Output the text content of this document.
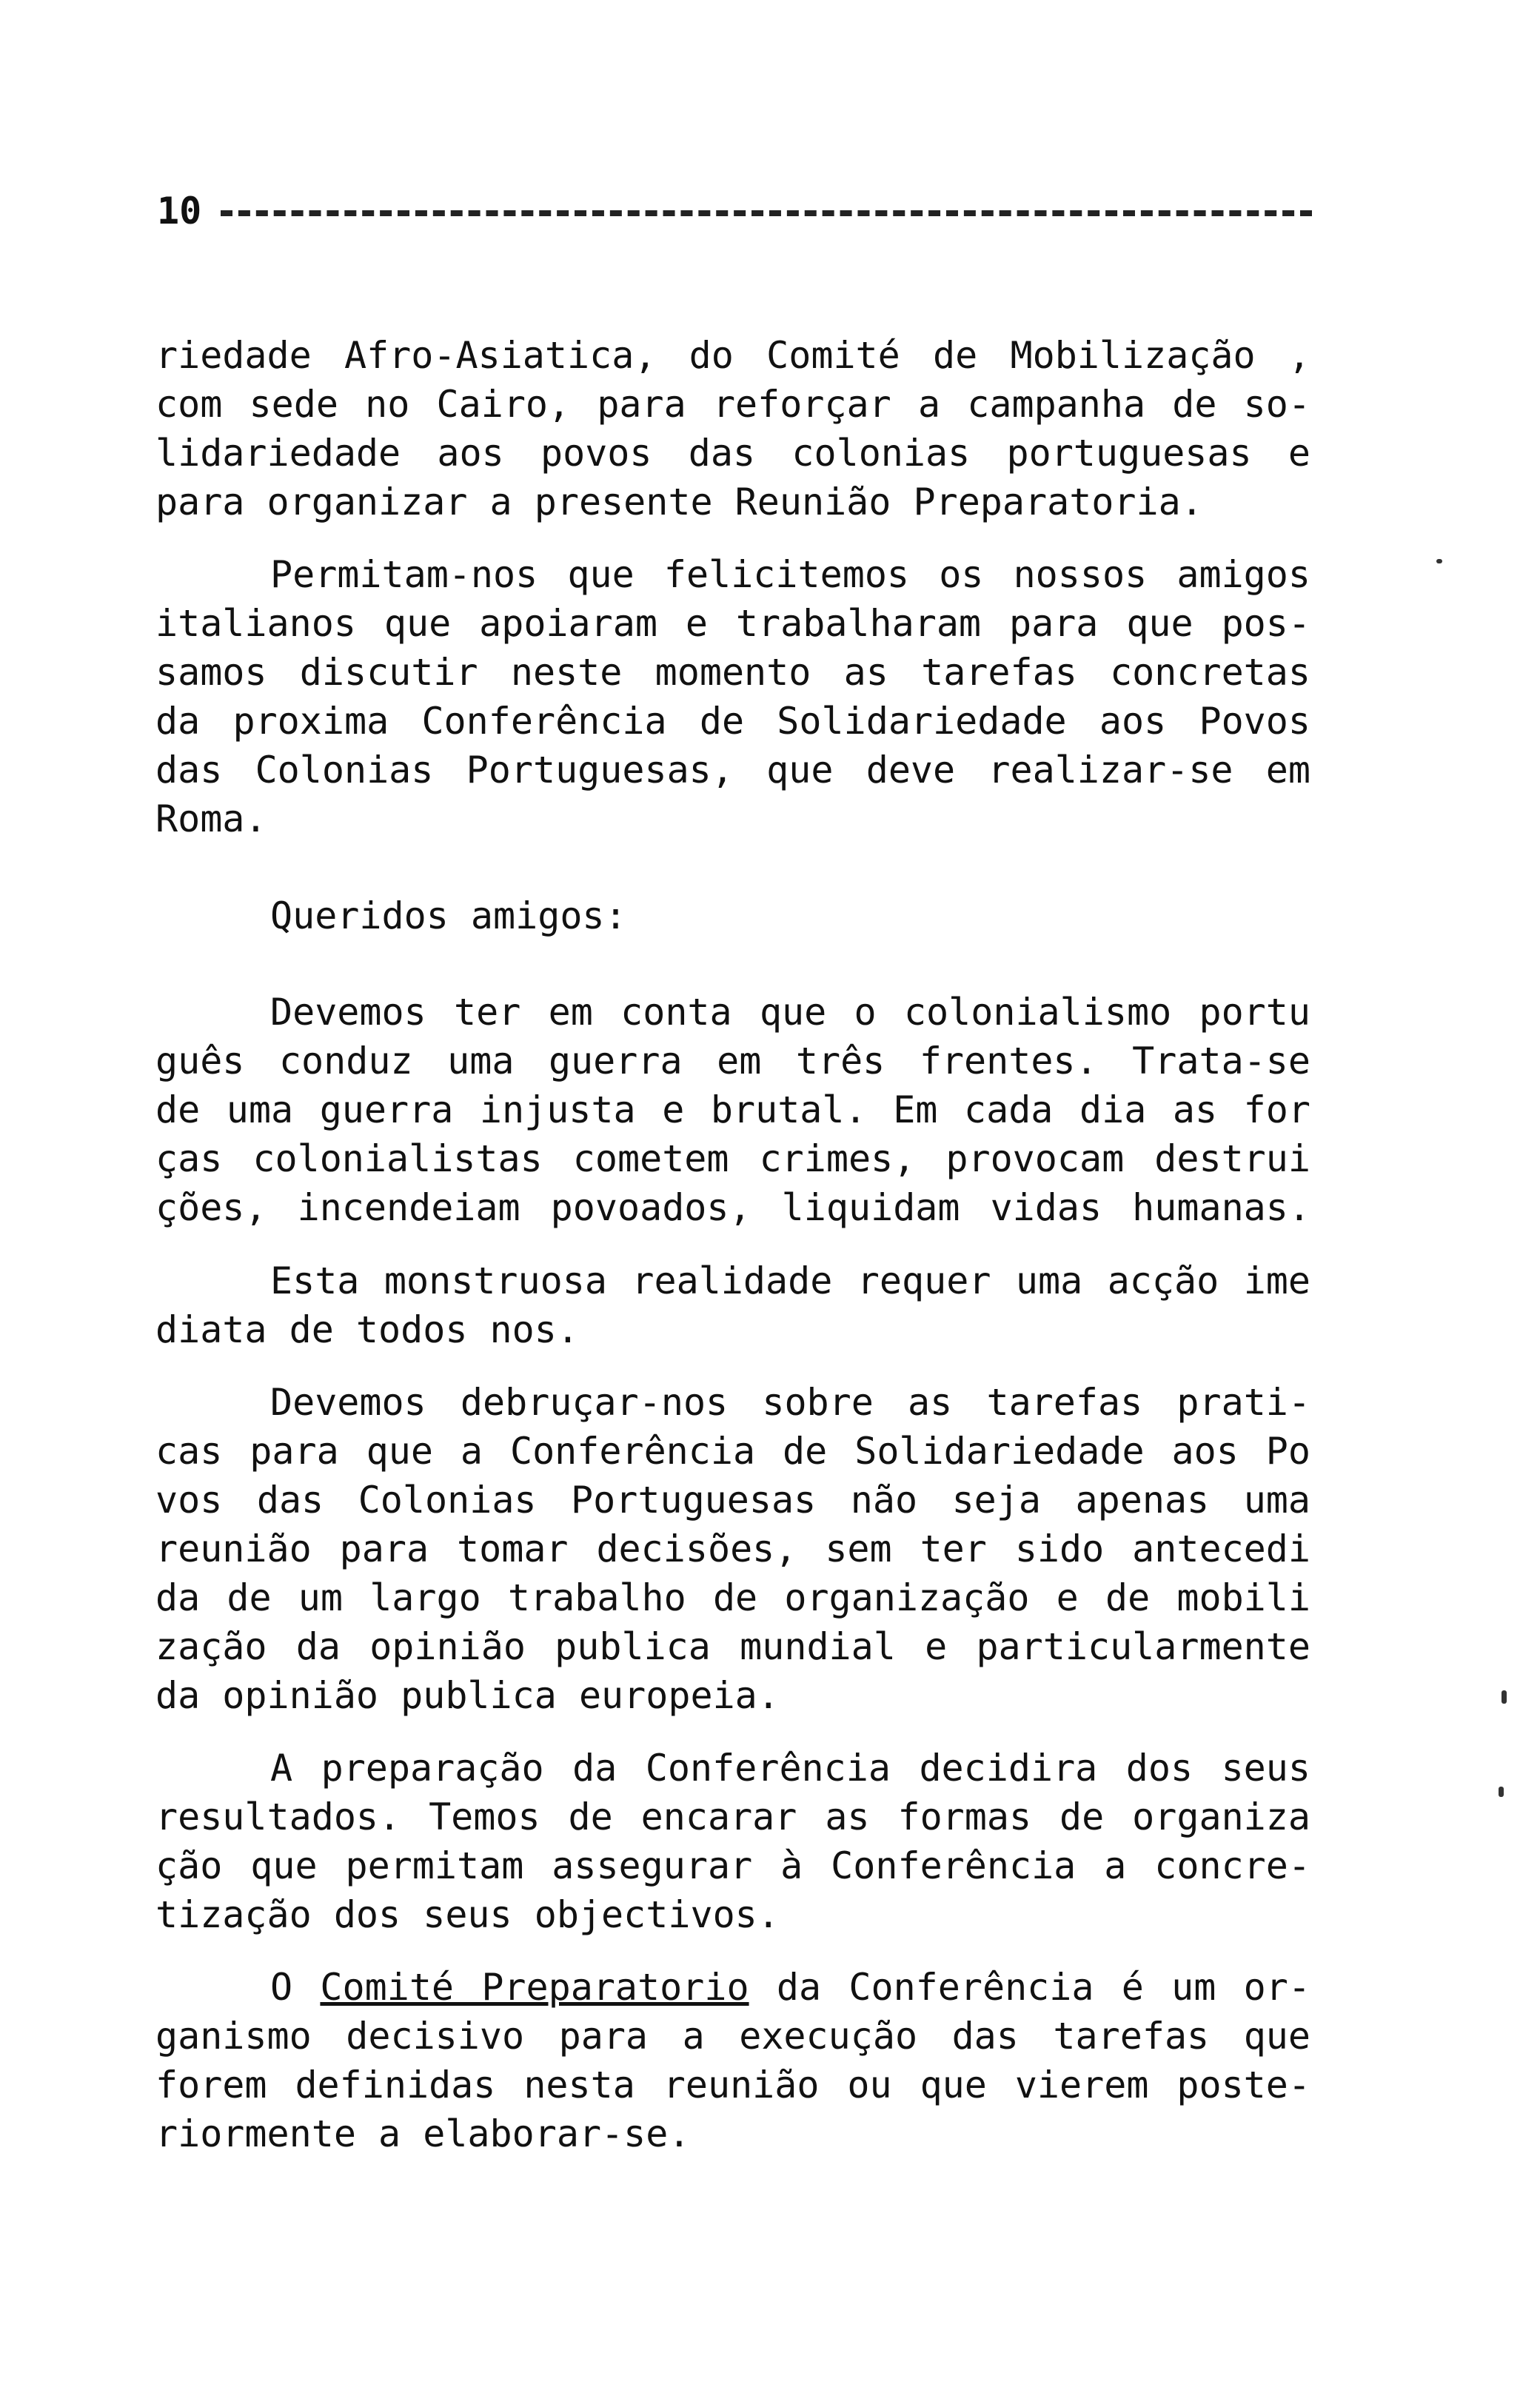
10
riedade Afro-Asiatica, do Comité de Mobilização ,
com sede no Cairo, para reforçar a campanha de so-
lidariedade aos povos das colonias portuguesas e
para organizar a presente Reunião Preparatoria.
Permitam-nos que felicitemos os nossos amigos
italianos que apoiaram e trabalharam para que pos-
samos discutir neste momento as tarefas concretas
da proxima Conferência de Solidariedade aos Povos
das Colonias Portuguesas, que deve realizar-se em
Roma.
Queridos amigos:
Devemos ter em conta que o colonialismo portu
guês conduz uma guerra em três frentes. Trata-se
de uma guerra injusta e brutal. Em cada dia as for
ças colonialistas cometem crimes, provocam destrui
ções, incendeiam povoados, liquidam vidas humanas.
Esta monstruosa realidade requer uma acção ime
diata de todos nos.
Devemos debruçar-nos sobre as tarefas prati-
cas para que a Conferência de Solidariedade aos Po
vos das Colonias Portuguesas não seja apenas uma
reunião para tomar decisões, sem ter sido antecedi
da de um largo trabalho de organização e de mobili
zação da opinião publica mundial e particularmente
da opinião publica europeia.
A preparação da Conferência decidira dos seus
resultados. Temos de encarar as formas de organiza
ção que permitam assegurar à Conferência a concre-
tização dos seus objectivos.
O Comité Preparatorio da Conferência é um or-
ganismo decisivo para a execução das tarefas que
forem definidas nesta reunião ou que vierem poste-
riormente a elaborar-se.
